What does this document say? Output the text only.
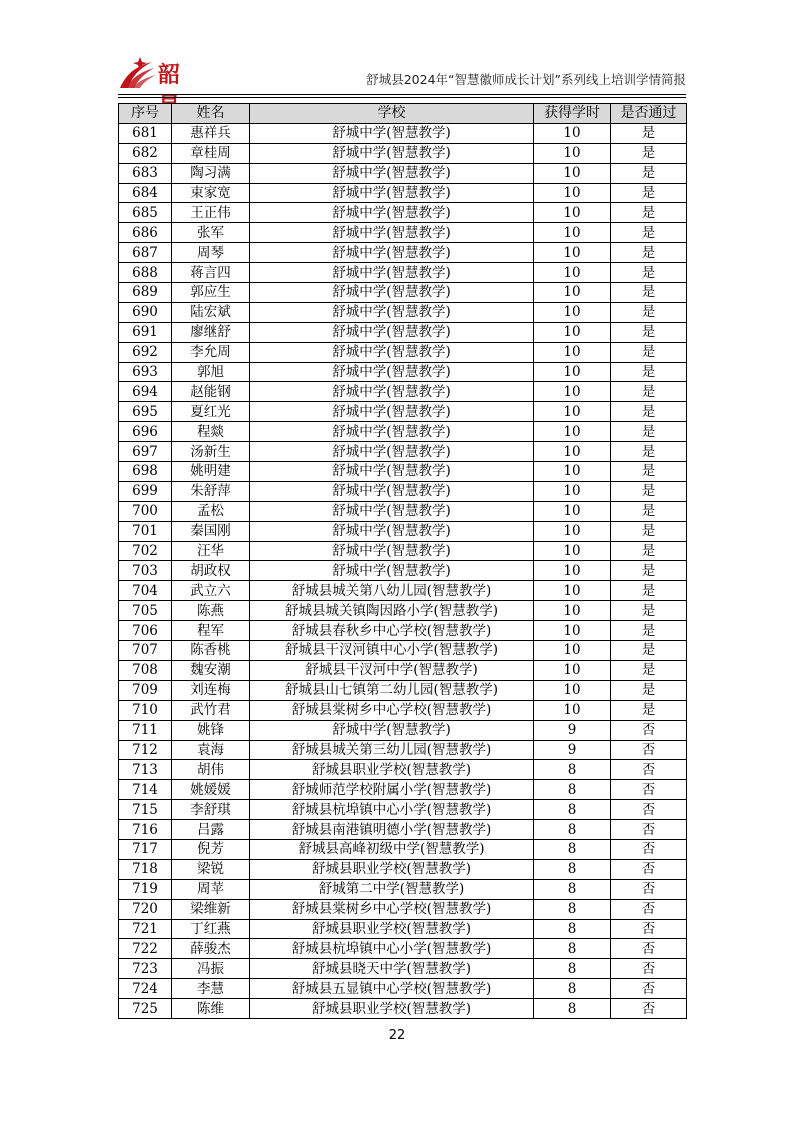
韶	舒城县2024年“智慧徽师成长计划”系列线上培训学情简报
序号	姓名	学校	获得学时	是否通过
681	惠祥兵	舒城中学(智慧教学)	10	是
682	章桂周	舒城中学(智慧教学)	10	是
683	陶习满	舒城中学(智慧教学)	10	是
684	束家宽	舒城中学(智慧教学)	10	是
685	王正伟	舒城中学(智慧教学)	10	是
686	张军	舒城中学(智慧教学)	10	是
687	周琴	舒城中学(智慧教学)	10	是
688	蒋言四	舒城中学(智慧教学)	10	是
689	郭应生	舒城中学(智慧教学)	10	是
690	陆宏斌	舒城中学(智慧教学)	10	是
691	廖继舒	舒城中学(智慧教学)	10	是
692	李允周	舒城中学(智慧教学)	10	是
693	郭旭	舒城中学(智慧教学)	10	是
694	赵能钢	舒城中学(智慧教学)	10	是
695	夏红光	舒城中学(智慧教学)	10	是
696	程燚	舒城中学(智慧教学)	10	是
697	汤新生	舒城中学(智慧教学)	10	是
698	姚明建	舒城中学(智慧教学)	10	是
699	朱舒萍	舒城中学(智慧教学)	10	是
700	孟松	舒城中学(智慧教学)	10	是
701	秦国刚	舒城中学(智慧教学)	10	是
702	汪华	舒城中学(智慧教学)	10	是
703	胡政权	舒城中学(智慧教学)	10	是
704	武立六	舒城县城关第八幼儿园(智慧教学)	10	是
705	陈燕	舒城县城关镇陶因路小学(智慧教学)	10	是
706	程军	舒城县春秋乡中心学校(智慧教学)	10	是
707	陈香桃	舒城县干汊河镇中心小学(智慧教学)	10	是
708	魏安潮	舒城县干汊河中学(智慧教学)	10	是
709	刘连梅	舒城县山七镇第二幼儿园(智慧教学)	10	是
710	武竹君	舒城县棠树乡中心学校(智慧教学)	10	是
711	姚锋	舒城中学(智慧教学)	9	否
712	袁海	舒城县城关第三幼儿园(智慧教学)	9	否
713	胡伟	舒城县职业学校(智慧教学)	8	否
714	姚媛媛	舒城师范学校附属小学(智慧教学)	8	否
715	李舒琪	舒城县杭埠镇中心小学(智慧教学)	8	否
716	吕露	舒城县南港镇明德小学(智慧教学)	8	否
717	倪芳	舒城县高峰初级中学(智慧教学)	8	否
718	梁锐	舒城县职业学校(智慧教学)	8	否
719	周苹	舒城第二中学(智慧教学)	8	否
720	梁维新	舒城县棠树乡中心学校(智慧教学)	8	否
721	丁红燕	舒城县职业学校(智慧教学)	8	否
722	薛骏杰	舒城县杭埠镇中心小学(智慧教学)	8	否
723	冯振	舒城县晓天中学(智慧教学)	8	否
724	李慧	舒城县五显镇中心学校(智慧教学)	8	否
725	陈维	舒城县职业学校(智慧教学)	8	否
22
